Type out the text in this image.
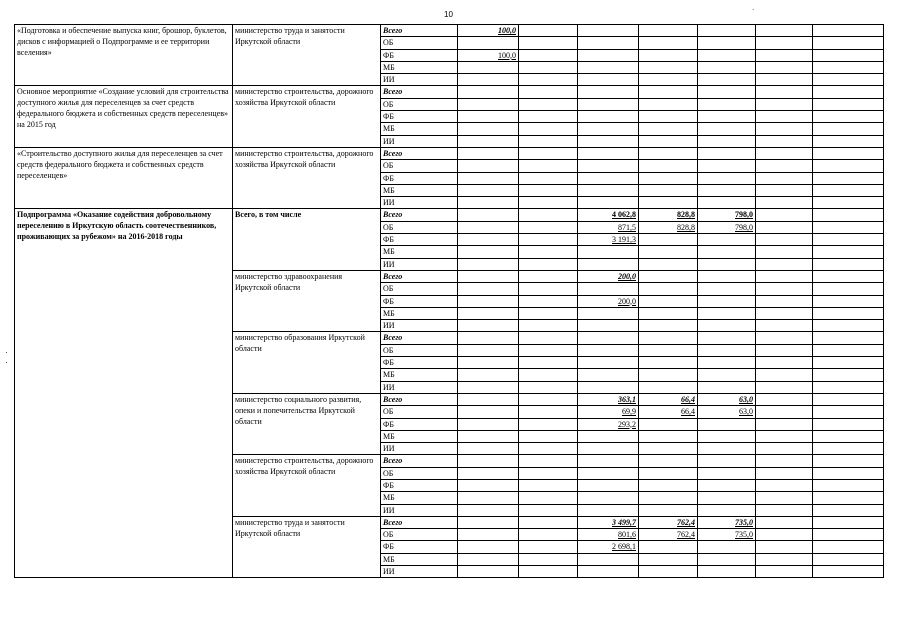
10	·
«Подготовка и обеспечение выпуска книг, брошюр, буклетов, дисков с информацией о Подпрограмме и ее территории вселения»	министерство труда и занятости Иркутской области	Всего	100,0							
		ОБ								
		ФБ	100,0							
		МБ								
		ИИ								
Основное мероприятие «Создание условий для строительства доступного жилья для переселенцев за счет средств федерального бюджета и собственных средств переселенцев» на 2015 год	министерство строительства, дорожного хозяйства Иркутской области	Всего								
		ОБ								
		ФБ								
		МБ								
		ИИ								
«Строительство доступного жилья для переселенцев за счет средств федерального бюджета и собственных средств переселенцев»	министерство строительства, дорожного хозяйства Иркутской области	Всего								
		ОБ								
		ФБ								
		МБ								
		ИИ								
Подпрограмма «Оказание содействия добровольному переселению в Иркутскую область соотечественников, проживающих за рубежом» на 2016-2018 годы	Всего, в том числе	Всего			4 062,8	828,8	798,0			
		ОБ			871,5	828,8	798,0			
		ФБ			3 191,3					
		МБ								
		ИИ								
	министерство здравоохранения Иркутской области	Всего			200,0					
		ОБ								
		ФБ			200,0					
		МБ								
		ИИ								
	министерство образования Иркутской области	Всего								
		ОБ								
		ФБ								
		МБ								
		ИИ								
	министерство социального развития, опеки и попечительства Иркутской области	Всего			363,1	66,4	63,0			
		ОБ			69,9	66,4	63,0			
		ФБ			293,2					
		МБ								
		ИИ								
	министерство строительства, дорожного хозяйства Иркутской области	Всего								
		ОБ								
		ФБ								
		МБ								
		ИИ								
	министерство труда и занятости Иркутской области	Всего			3 499,7	762,4	735,0			
		ОБ			801,6	762,4	735,0			
		ФБ			2 698,1					
		МБ								
		ИИ								
